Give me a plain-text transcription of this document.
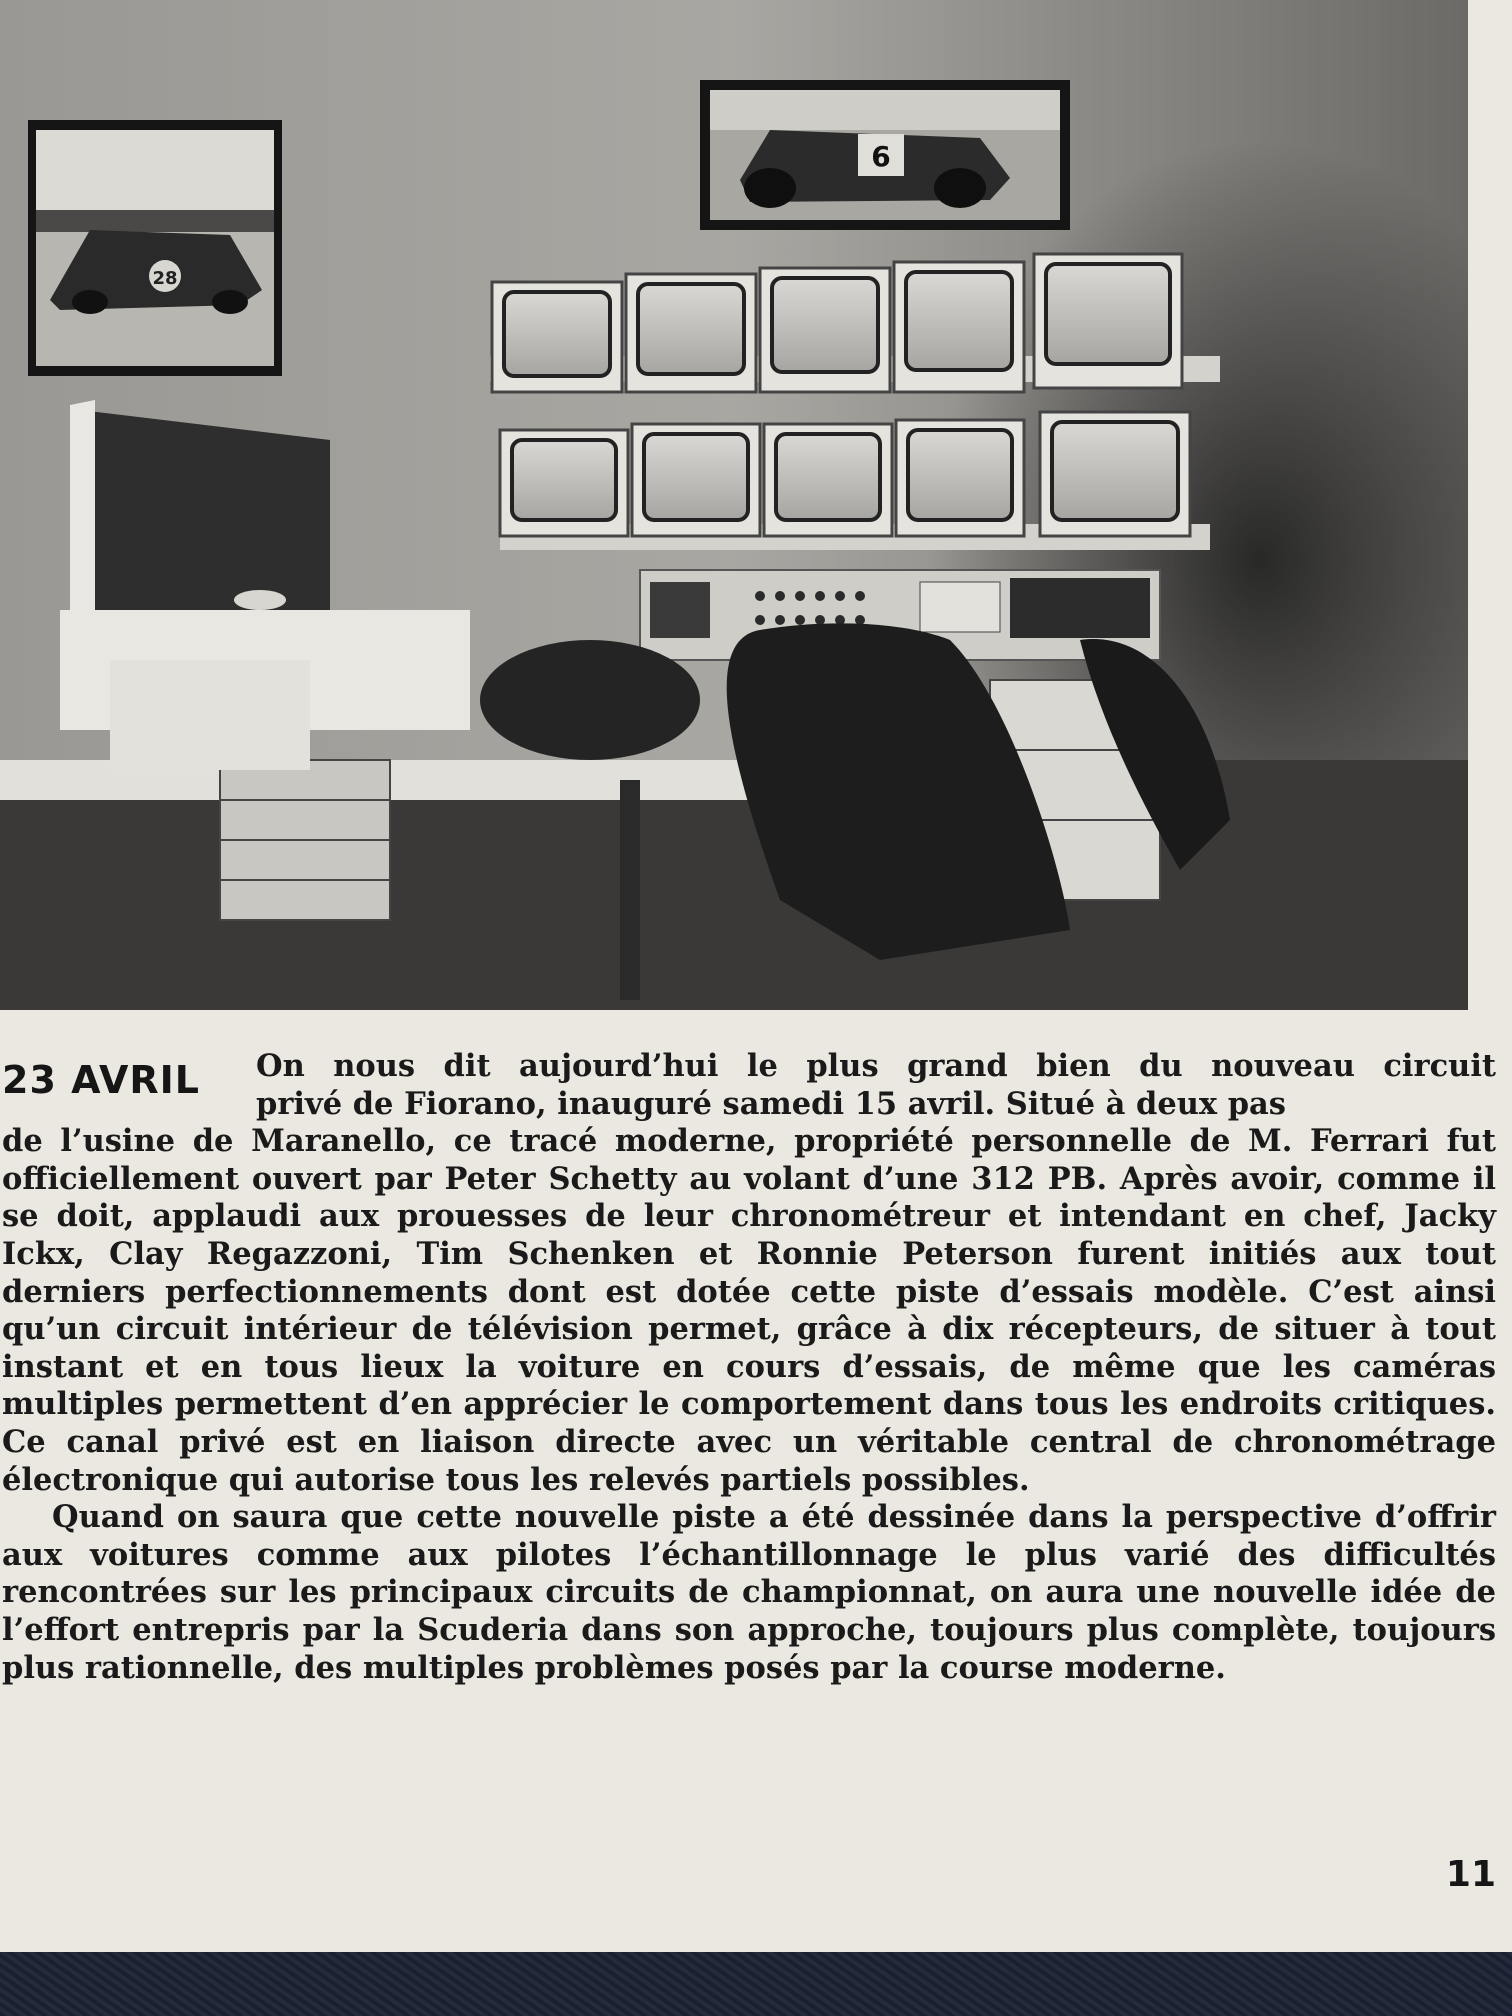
28
6
23 AVRIL	On nous dit aujourd’hui le plus grand bien du nouveau circuit
privé de Fiorano, inauguré samedi 15 avril. Situé à deux pas
de l’usine de Maranello, ce tracé moderne, propriété personnelle de M. Ferrari fut officiellement ouvert par Peter Schetty au volant d’une 312 PB. Après avoir, comme il se doit, applaudi aux prouesses de leur chronométreur et intendant en chef, Jacky Ickx, Clay Regazzoni, Tim Schenken et Ronnie Peterson furent initiés aux tout derniers perfectionnements dont est dotée cette piste d’essais modèle. C’est ainsi qu’un circuit intérieur de télévision permet, grâce à dix récepteurs, de situer à tout instant et en tous lieux la voiture en cours d’essais, de même que les caméras multiples permettent d’en apprécier le comportement dans tous les endroits critiques. Ce canal privé est en liaison directe avec un véritable central de chronométrage électronique qui autorise tous les relevés partiels possibles.

Quand on saura que cette nouvelle piste a été dessinée dans la perspective d’offrir aux voitures comme aux pilotes l’échantillonnage le plus varié des difficultés rencontrées sur les principaux circuits de championnat, on aura une nouvelle idée de l’effort entrepris par la Scuderia dans son approche, toujours plus complète, toujours plus rationnelle, des multiples problèmes posés par la course moderne.

11
